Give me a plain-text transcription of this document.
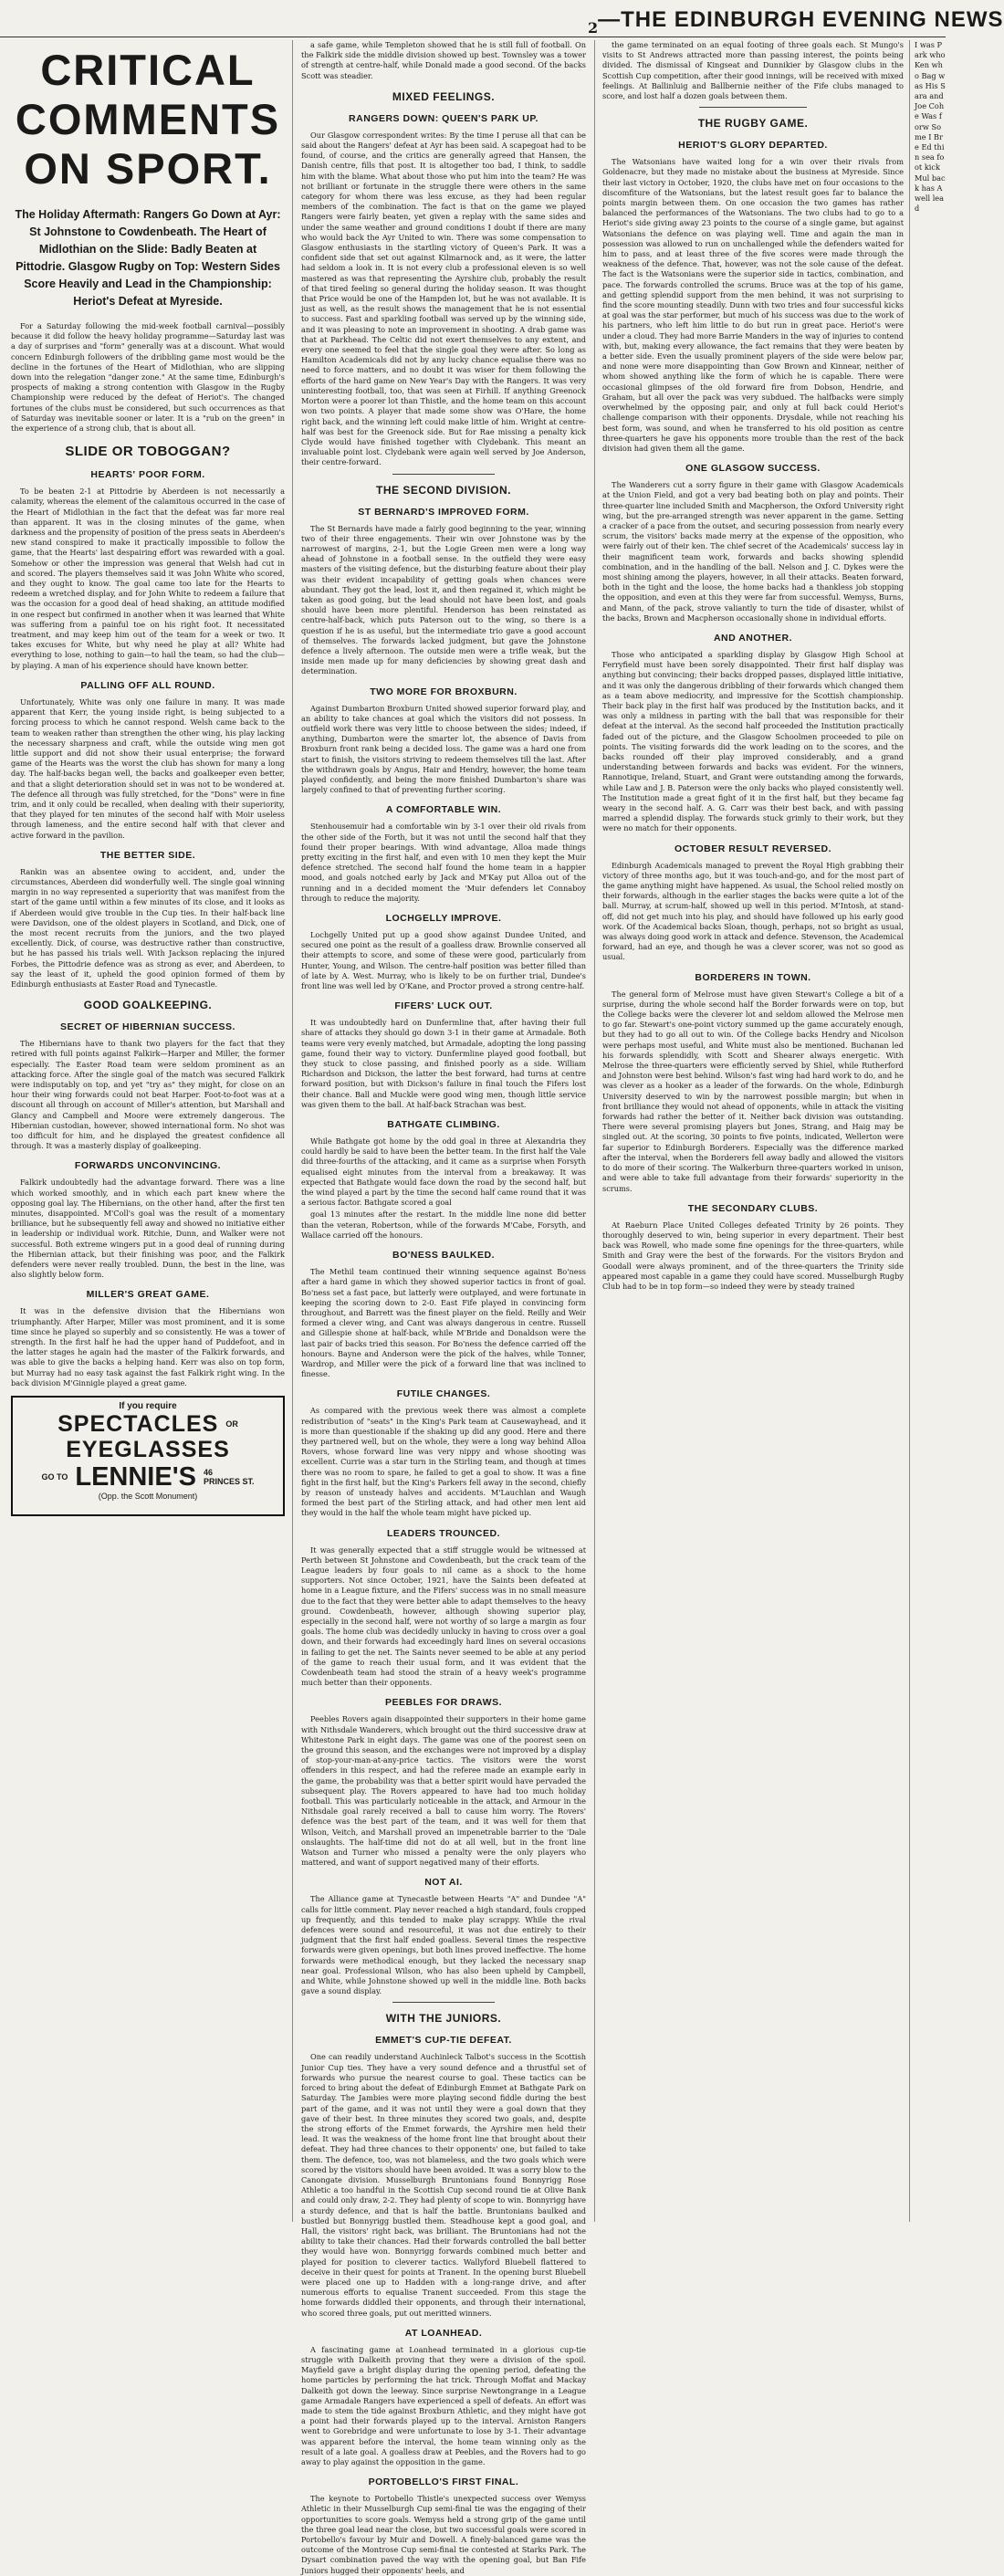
2 —THE EDINBURGH EVENING NEWS
CRITICAL COMMENTS ON SPORT.
The Holiday Aftermath: Rangers Go Down at Ayr: St Johnstone to Cowdenbeath. The Heart of Midlothian on the Slide: Badly Beaten at Pittodrie. Glasgow Rugby on Top: Western Sides Score Heavily and Lead in the Championship: Heriot's Defeat at Myreside.

For a Saturday following the mid-week football carnival—possibly because it did follow the heavy holiday programme—Saturday last was a day of surprises and "form" generally was at a discount. What would concern Edinburgh followers of the dribbling game most would be the decline in the fortunes of the Heart of Midlothian, who are slipping down into the relegation "danger zone." At the same time, Edinburgh's prospects of making a strong contention with Glasgow in the Rugby Championship were reduced by the defeat of Heriot's. The changed fortunes of the clubs must be considered, but such occurrences as that of Saturday was inevitable sooner or later. It is a "rub on the green" in the experience of a strong club, that is about all.

SLIDE OR TOBOGGAN?
HEARTS' POOR FORM.

To be beaten 2-1 at Pittodrie by Aberdeen is not necessarily a calamity, whereas the element of the calamitous occurred in the case of the Heart of Midlothian in the fact that the defeat was far more real than apparent. It was in the closing minutes of the game, when darkness and the propensity of position of the press seats in Aberdeen's new stand conspired to make it practically impossible to follow the game, that the Hearts' last despairing effort was rewarded with a goal. Somehow or other the impression was general that Welsh had cut in and scored. The players themselves said it was John White who scored, and they ought to know. The goal came too late for the Hearts to redeem a wretched display, and for John White to redeem a failure that was the occasion for a good deal of head shaking, an attitude modified in one respect but confirmed in another when it was learned that White was suffering from a painful toe on his right foot. It necessitated treatment, and may keep him out of the team for a week or two. It takes excuses for White, but why need he play at all? White had everything to lose, nothing to gain—to hail the team, so had the club—by playing. A man of his experience should have known better.

PALLING OFF ALL ROUND.

Unfortunately, White was only one failure in many. It was made apparent that Kerr, the young inside right, is being subjected to a forcing process to which he cannot respond. Welsh came back to the team to weaken rather than strengthen the other wing, his play lacking the necessary sharpness and craft, while the outside wing men got little support and did not show their usual enterprise; the forward game of the Hearts was the worst the club has shown for many a long day. The half-backs began well, the backs and goalkeeper even better, and that a slight deterioration should set in was not to be wondered at. The defence all through was fully stretched, for the "Dons" were in fine trim, and it only could be recalled, when dealing with their superiority, that they played for ten minutes of the second half with Moir useless through lameness, and the entire second half with that clever and active forward in the pavilion.

THE BETTER SIDE.

Rankin was an absentee owing to accident, and, under the circumstances, Aberdeen did wonderfully well. The single goal winning margin in no way represented a superiority that was manifest from the start of the game until within a few minutes of its close, and it looks as if Aberdeen would give trouble in the Cup ties. In their half-back line were Davidson, one of the oldest players in Scotland, and Dick, one of the most recent recruits from the juniors, and the two played excellently. Dick, of course, was destructive rather than constructive, but he has passed his trials well. With Jackson replacing the injured Forbes, the Pittodrie defence was as strong as ever, and Aberdeen, to say the least of it, upheld the good opinion formed of them by Edinburgh enthusiasts at Easter Road and Tynecastle.

GOOD GOALKEEPING.
SECRET OF HIBERNIAN SUCCESS.

The Hibernians have to thank two players for the fact that they retired with full points against Falkirk—Harper and Miller, the former especially. The Easter Road team were seldom prominent as an attacking force. After the single goal of the match was secured Falkirk were indisputably on top, and yet "try as" they might, for close on an hour their wing forwards could not beat Harper. Foot-to-foot was at a discount all through on account of Miller's attention, but Marshall and Glancy and Campbell and Moore were extremely dangerous. The Hibernian custodian, however, showed international form. No shot was too difficult for him, and he displayed the greatest confidence all through. It was a masterly display of goalkeeping.

FORWARDS UNCONVINCING.

Falkirk undoubtedly had the advantage forward. There was a line which worked smoothly, and in which each part knew where the opposing goal lay. The Hibernians, on the other hand, after the first ten minutes, disappointed. M'Coll's goal was the result of a momentary brilliance, but he subsequently fell away and showed no initiative either in leadership or individual work. Ritchie, Dunn, and Walker were not successful. Both extreme wingers put in a good deal of running during the Hibernian attack, but their finishing was poor, and the Falkirk defenders were never really troubled. Dunn, the best in the line, was also slightly below form.

MILLER'S GREAT GAME.

It was in the defensive division that the Hibernians won triumphantly. After Harper, Miller was most prominent, and it is some time since he played so superbly and so consistently. He was a tower of strength. In the first half he had the upper hand of Puddefoot, and in the latter stages he again had the master of the Falkirk forwards, and was able to give the backs a helping hand. Kerr was also on top form, but Murray had no easy task against the fast Falkirk right wing. In the back division M'Ginnigle played a great game.

If you require
SPECTACLES OR
EYEGLASSES
GO TO LENNIE'S 46
PRINCES ST.
(Opp. the Scott Monument)

a safe game, while Templeton showed that he is still full of football. On the Falkirk side the middle division showed up best. Townsley was a tower of strength at centre-half, while Donald made a good second. Of the backs Scott was steadier.

MIXED FEELINGS.
RANGERS DOWN: QUEEN'S PARK UP.

Our Glasgow correspondent writes: By the time I peruse all that can be said about the Rangers' defeat at Ayr has been said. A scapegoat had to be found, of course, and the critics are generally agreed that Hansen, the Danish centre, fills that post. It is altogether too bad, I think, to saddle him with the blame. What about those who put him into the team? He was not brilliant or fortunate in the struggle there were others in the same category for whom there was less excuse, as they had been regular members of the combination. The fact is that on the game we played Rangers were fairly beaten, yet given a replay with the same sides and under the same weather and ground conditions I doubt if there are many who would back the Ayr United to win. There was some compensation to Glasgow enthusiasts in the startling victory of Queen's Park. It was a confident side that set out against Kilmarnock and, as it were, the latter had seldom a look in. It is not every club a professional eleven is so well mastered as was that representing the Ayrshire club, probably the result of that tired feeling so general during the holiday season. It was thought that Price would be one of the Hampden lot, but he was not available. It is just as well, as the result shows the management that he is not essential to success. Fast and sparkling football was served up by the winning side, and it was pleasing to note an improvement in shooting. A drab game was that at Parkhead. The Celtic did not exert themselves to any extent, and every one seemed to feel that the single goal they were after. So long as Hamilton Academicals did not by any lucky chance equalise there was no need to force matters, and no doubt it was wiser for them following the efforts of the hard game on New Year's Day with the Rangers. It was very uninteresting football, too, that was seen at Firhill. If anything Greenock Morton were a poorer lot than Thistle, and the home team on this account won two points. A player that made some show was O'Hare, the home right back, and the winning left could make little of him. Wright at centre-half was best for the Greenock side. But for Rae missing a penalty kick Clyde would have finished together with Clydebank. This meant an invaluable point lost. Clydebank were again well served by Joe Anderson, their centre-forward.

THE SECOND DIVISION.
ST BERNARD'S IMPROVED FORM.

The St Bernards have made a fairly good beginning to the year, winning two of their three engagements. Their win over Johnstone was by the narrowest of margins, 2-1, but the Logie Green men were a long way ahead of Johnstone in a football sense. In the outfield they were easy masters of the visiting defence, but the disturbing feature about their play was their evident incapability of getting goals when chances were abundant. They got the lead, lost it, and then regained it, which might be taken as good going, but the lead should not have been lost, and goals should have been more plentiful. Henderson has been reinstated as centre-half-back, which puts Paterson out to the wing, so there is a question if he is as useful, but the intermediate trio gave a good account of themselves. The forwards lacked judgment, but gave the Johnstone defence a lively afternoon. The outside men were a trifle weak, but the inside men made up for many deficiencies by showing great dash and determination.

TWO MORE FOR BROXBURN.

Against Dumbarton Broxburn United showed superior forward play, and an ability to take chances at goal which the visitors did not possess. In outfield work there was very little to choose between the sides; indeed, if anything, Dumbarton were the smarter lot, the absence of Davis from Broxburn front rank being a decided loss. The game was a hard one from start to finish, the visitors striving to redeem themselves till the last. After the withdrawn goals by Angus, Hair and Hendry, however, the home team played confidently, and being the more finished Dumbarton's share was largely confined to that of preventing further scoring.

A COMFORTABLE WIN.

Stenhousemuir had a comfortable win by 3-1 over their old rivals from the other side of the Forth, but it was not until the second half that they found their proper bearings. With wind advantage, Alloa made things pretty exciting in the first half, and even with 10 men they kept the Muir defence stretched. The second half found the home team in a happier mood, and goals notched early by Jack and M'Kay put Alloa out of the running and in a decided moment the 'Muir defenders let Connaboy through to reduce the majority.

LOCHGELLY IMPROVE.

Lochgelly United put up a good show against Dundee United, and secured one point as the result of a goalless draw. Brownlie conserved all their attempts to score, and some of these were good, particularly from Hunter, Young, and Wilson. The centre-half position was better filled than of late by A. West. Murray, who is likely to be on further trial, Dundee's front line was well led by O'Kane, and Proctor proved a strong centre-half.

FIFERS' LUCK OUT.

It was undoubtedly hard on Dunfermline that, after having their full share of attacks they should go down 3-1 in their game at Armadale. Both teams were very evenly matched, but Armadale, adopting the long passing game, found their way to victory. Dunfermline played good football, but they stuck to close passing, and finished poorly as a side. William Richardson and Dickson, the latter the best forward, had turns at centre forward position, but with Dickson's failure in final touch the Fifers lost their chance. Ball and Muckle were good wing men, though little service was given them to the ball. At half-back Strachan was best.

BATHGATE CLIMBING.

While Bathgate got home by the odd goal in three at Alexandria they could hardly be said to have been the better team. In the first half the Vale did three-fourths of the attacking, and it came as a surprise when Forsyth equalised eight minutes from the interval from a breakaway. It was expected that Bathgate would face down the road by the second half, but the wind played a part by the time the second half came round that it was a serious factor. Bathgate scored a goal

goal 13 minutes after the restart. In the middle line none did better than the veteran, Robertson, while of the forwards M'Cabe, Forsyth, and Wallace carried off the honours.

BO'NESS BAULKED.

The Methil team continued their winning sequence against Bo'ness after a hard game in which they showed superior tactics in front of goal. Bo'ness set a fast pace, but latterly were outplayed, and were fortunate in keeping the scoring down to 2-0. East Fife played in convincing form throughout, and Barrett was the finest player on the field. Reilly and Weir formed a clever wing, and Cant was always dangerous in centre. Russell and Gillespie shone at half-back, while M'Bride and Donaldson were the last pair of backs tried this season. For Bo'ness the defence carried off the honours. Bayne and Anderson were the pick of the halves, while Tonner, Wardrop, and Miller were the pick of a forward line that was inclined to finesse.

FUTILE CHANGES.

As compared with the previous week there was almost a complete redistribution of "seats" in the King's Park team at Causewayhead, and it is more than questionable if the shaking up did any good. Here and there they partnered well, but on the whole, they were a long way behind Alloa Rovers, whose forward line was very nippy and whose shooting was excellent. Currie was a star turn in the Stirling team, and though at times there was no room to spare, he failed to get a goal to show. It was a fine fight in the first half, but the King's Parkers fell away in the second, chiefly by reason of unsteady halves and accidents. M'Lauchlan and Waugh formed the best part of the Stirling attack, and had other men lent aid they would in the half the whole team might have picked up.

LEADERS TROUNCED.

It was generally expected that a stiff struggle would be witnessed at Perth between St Johnstone and Cowdenbeath, but the crack team of the League leaders by four goals to nil came as a shock to the home supporters. Not since October, 1921, have the Saints been defeated at home in a League fixture, and the Fifers' success was in no small measure due to the fact that they were better able to adapt themselves to the heavy ground. Cowdenbeath, however, although showing superior play, especially in the second half, were not worthy of so large a margin as four goals. The home club was decidedly unlucky in having to cross over a goal down, and their forwards had exceedingly hard lines on several occasions in failing to get the net. The Saints never seemed to be able at any period of the game to reach their usual form, and it was evident that the Cowdenbeath team had stood the strain of a heavy week's programme much better than their opponents.

PEEBLES FOR DRAWS.

Peebles Rovers again disappointed their supporters in their home game with Nithsdale Wanderers, which brought out the third successive draw at Whitestone Park in eight days. The game was one of the poorest seen on the ground this season, and the exchanges were not improved by a display of stop-your-man-at-any-price tactics. The visitors were the worst offenders in this respect, and had the referee made an example early in the game, the probability was that a better spirit would have pervaded the subsequent play. The Rovers appeared to have had too much holiday football. This was particularly noticeable in the attack, and Armour in the Nithsdale goal rarely received a ball to cause him worry. The Rovers' defence was the best part of the team, and it was well for them that Wilson, Veitch, and Marshall proved an impenetrable barrier to the 'Dale onslaughts. The half-time did not do at all well, but in the front line Watson and Turner who missed a penalty were the only players who mattered, and want of support negatived many of their efforts.

NOT AI.

The Alliance game at Tynecastle between Hearts "A" and Dundee "A" calls for little comment. Play never reached a high standard, fouls cropped up frequently, and this tended to make play scrappy. While the rival defences were sound and resourceful, it was not due entirely to their judgment that the first half ended goalless. Several times the respective forwards were given openings, but both lines proved ineffective. The home forwards were methodical enough, but they lacked the necessary snap near goal. Professional Wilson, who has also been upheld by Campbell, and White, while Johnstone showed up well in the middle line. Both backs gave a sound display.

WITH THE JUNIORS.
EMMET'S CUP-TIE DEFEAT.

One can readily understand Auchinleck Talbot's success in the Scottish Junior Cup ties. They have a very sound defence and a thrustful set of forwards who pursue the nearest course to goal. These tactics can be forced to bring about the defeat of Edinburgh Emmet at Bathgate Park on Saturday. The Jambies were more playing second fiddle during the best part of the game, and it was not until they were a goal down that they gave of their best. In three minutes they scored two goals, and, despite the strong efforts of the Emmet forwards, the Ayrshire men held their lead. It was the weakness of the home front line that brought about their defeat. They had three chances to their opponents' one, but failed to take them. The defence, too, was not blameless, and the two goals which were scored by the visitors should have been avoided. It was a sorry blow to the Canongate division. Musselburgh Bruntonians found Bonnyrigg Rose Athletic a too handful in the Scottish Cup second round tie at Olive Bank and could only draw, 2-2. They had plenty of scope to win. Bonnyrigg have a sturdy defence, and that is half the battle. Bruntonians baulked and bustled but Bonnyrigg bustled them. Steadhouse kept a good goal, and Hall, the visitors' right back, was brilliant. The Bruntonians had not the ability to take their chances. Had their forwards controlled the ball better they would have won. Bonnyrigg forwards combined much better and played for position to cleverer tactics. Wallyford Bluebell flattered to deceive in their quest for points at Tranent. In the opening burst Bluebell were placed one up to Hadden with a long-range drive, and after numerous efforts to equalise Tranent succeeded. From this stage the home forwards diddled their opponents, and through their international, who scored three goals, put out meritted winners.

AT LOANHEAD.

A fascinating game at Loanhead terminated in a glorious cup-tie struggle with Dalkeith proving that they were a division of the spoil. Mayfield gave a bright display during the opening period, defeating the home particles by performing the hat trick. Through Moffat and Mackay Dalkeith got down the leeway. Since surprise Newtongrange in a League game Armadale Rangers have experienced a spell of defeats. An effort was made to stem the tide against Broxburn Athletic, and they might have got a point had their forwards played up to the interval. Arniston Rangers went to Gorebridge and were unfortunate to lose by 3-1. Their advantage was apparent before the interval, the home team winning only as the result of a late goal. A goalless draw at Peebles, and the Rovers had to go away to play against the opposition in the game.

PORTOBELLO'S FIRST FINAL.

The keynote to Portobello Thistle's unexpected success over Wemyss Athletic in their Musselburgh Cup semi-final tie was the engaging of their opportunities to score goals. Wemyss held a strong grip of the game until the three goal lead near the close, but two successful goals were scored in Portobello's favour by Muir and Dowell. A finely-balanced game was the outcome of the Montrose Cup semi-final tie contested at Starks Park. The Dysart combination paved the way with the opening goal, but Ban Fife Juniors hugged their opponents' heels, and

the game terminated on an equal footing of three goals each. St Mungo's visits to St Andrews attracted more than passing interest, the points being divided. The dismissal of Kingseat and Dunnikier by Glasgow clubs in the Scottish Cup competition, after their good innings, will be received with mixed feelings. At Ballinluig and Ballbernie neither of the Fife clubs managed to score, and lost half a dozen goals between them.

THE RUGBY GAME.
HERIOT'S GLORY DEPARTED.

The Watsonians have waited long for a win over their rivals from Goldenacre, but they made no mistake about the business at Myreside. Since their last victory in October, 1920, the clubs have met on four occasions to the discomfiture of the Watsonians, but the latest result goes far to balance the points margin between them. On one occasion the two games has rather balanced the performances of the Watsonians. The two clubs had to go to a Heriot's side giving away 23 points to the course of a single game, but against Watsonians the defence on was playing well. Time and again the man in possession was allowed to run on unchallenged while the defenders waited for him to pass, and at least three of the five scores were made through the weakness of the defence. That, however, was not the sole cause of the defeat. The fact is the Watsonians were the superior side in tactics, combination, and pace. The forwards controlled the scrums. Bruce was at the top of his game, and getting splendid support from the men behind, it was not surprising to find the score mounting steadily. Dunn with two tries and four successful kicks at goal was the star performer, but much of his success was due to the work of his partners, who left him little to do but run in great pace. Heriot's were under a cloud. They had more Barrie Manders in the way of injuries to contend with, but, making every allowance, the fact remains that they were beaten by a better side. Even the usually prominent players of the side were below par, and none were more disappointing than Gow Brown and Kinnear, neither of whom showed anything like the form of which he is capable. There were occasional glimpses of the old forward fire from Dobson, Hendrie, and Graham, but all over the pack was very subdued. The halfbacks were simply overwhelmed by the opposing pair, and only at full back could Heriot's challenge comparison with their opponents. Drysdale, while not reaching his best form, was sound, and when he transferred to his old position as centre three-quarters he gave his opponents more trouble than the rest of the back division had given them all the game.

ONE GLASGOW SUCCESS.

The Wanderers cut a sorry figure in their game with Glasgow Academicals at the Union Field, and got a very bad beating both on play and points. Their three-quarter line included Smith and Macpherson, the Oxford University right wing, but the pre-arranged strength was never apparent in the game. Setting a cracker of a pace from the outset, and securing possession from nearly every scrum, the visitors' backs made merry at the expense of the opposition, who were fairly out of their ken. The chief secret of the Academicals' success lay in their magnificent team work, forwards and backs showing splendid combination, and in the handling of the ball. Nelson and J. C. Dykes were the most shining among the players, however, in all their attacks. Beaten forward, both in the tight and the loose, the home backs had a thankless job stopping the opposition, and even at this they were far from successful. Wemyss, Burns, and Mann, of the pack, strove valiantly to turn the tide of disaster, whilst of the backs, Brown and Macpherson occasionally shone in individual efforts.

AND ANOTHER.

Those who anticipated a sparkling display by Glasgow High School at Ferryfield must have been sorely disappointed. Their first half display was anything but convincing; their backs dropped passes, displayed little initiative, and it was only the dangerous dribbling of their forwards which changed them as a team above mediocrity, and impressive for the Scottish championship. Their back play in the first half was produced by the Institution backs, and it was only a mildness in parting with the ball that was responsible for their defeat at the interval. As the second half proceeded the Institution practically faded out of the picture, and the Glasgow Schoolmen proceeded to pile on points. The visiting forwards did the work leading on to the scores, and the backs rounded off their play improved considerably, and a grand understanding between forwards and backs was evident. For the winners, Rannotique, Ireland, Stuart, and Grant were outstanding among the forwards, while Law and J. B. Paterson were the only backs who played consistently well. The Institution made a great fight of it in the first half, but they became fag weary in the second half. A. G. Carr was their best back, and with passing marred a splendid display. The forwards stuck grimly to their work, but they were no match for their opponents.

OCTOBER RESULT REVERSED.

Edinburgh Academicals managed to prevent the Royal High grabbing their victory of three months ago, but it was touch-and-go, and for the most part of the game anything might have happened. As usual, the School relied mostly on their forwards, although in the earlier stages the backs were quite a lot of the ball. Murray, at scrum-half, showed up well in this period. M'Intosh, at stand-off, did not get much into his play, and should have followed up his early good work. Of the Academical backs Sloan, though, perhaps, not so bright as usual, was always doing good work in attack and defence. Stevenson, the Academical forward, had an eye, and though he was a clever scorer, was not so good as usual.

BORDERERS IN TOWN.

The general form of Melrose must have given Stewart's College a bit of a surprise, during the whole second half the Border forwards were on top, but the College backs were the cleverer lot and seldom allowed the Melrose men to go far. Stewart's one-point victory summed up the game accurately enough, but they had to go all out to win. Of the College backs Hendry and Nicolson were perhaps most useful, and White must also be mentioned. Buchanan led his forwards splendidly, with Scott and Shearer always energetic. With Melrose the three-quarters were efficiently served by Shiel, while Rutherford and Johnston were best behind. Wilson's fast wing had hard work to do, and he was clever as a hooker as a leader of the forwards. On the whole, Edinburgh University deserved to win by the narrowest possible margin; but when in front brilliance they would not ahead of opponents, while in attack the visiting forwards had rather the better of it. Neither back division was outstanding. There were several promising players but Jones, Strang, and Haig may be singled out. At the scoring, 30 points to five points, indicated, Wellerton were far superior to Edinburgh Borderers. Especially was the difference marked after the interval, when the Borderers fell away badly and allowed the visitors to do more of their scoring. The Walkerburn three-quarters worked in unison, and were able to take full advantage from their forwards' superiority in the scrums.

THE SECONDARY CLUBS.

At Raeburn Place United Colleges defeated Trinity by 26 points. They thoroughly deserved to win, being superior in every department. Their best back was Rowell, who made some fine openings for the three-quarters, while Smith and Gray were the best of the forwards. For the visitors Brydon and Goodall were always prominent, and of the three-quarters the Trinity side appeared most capable in a game they could have scored. Musselburgh Rugby Club had to be in top form—so indeed they were by steady trained

I was Park who Ken who Bag was His Sara and Joe Cohe Was forw Some I Bre Ed thin sea foot kick Mul back has A well lead
